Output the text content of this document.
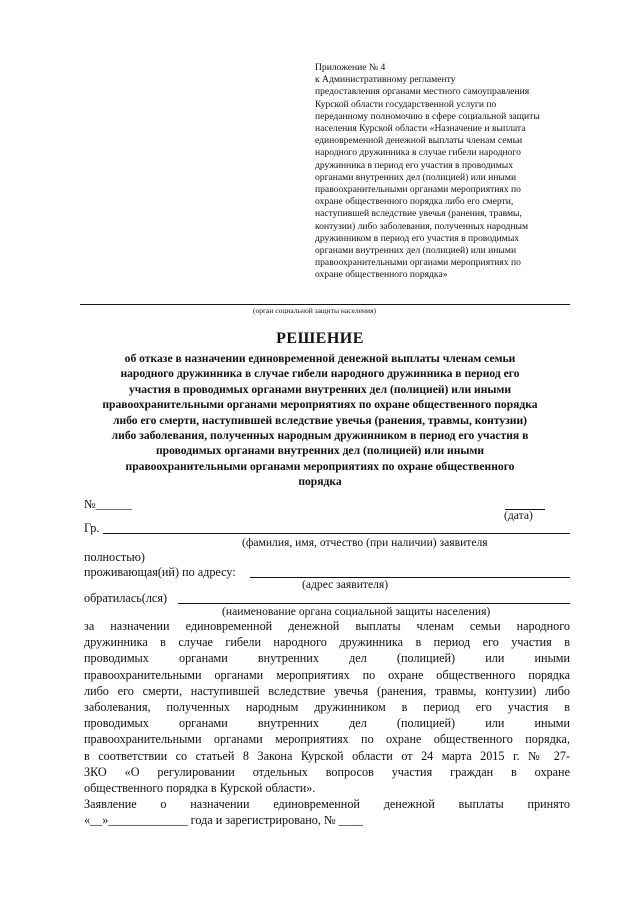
Приложение № 4
к Административному регламенту
предоставления органами местного самоуправления
Курской области государственной услуги по
переданному полномочию в сфере социальной защиты
населения Курской области «Назначение и выплата
единовременной денежной выплаты членам семьи
народного дружинника в случае гибели народного
дружинника в период его участия в проводимых
органами внутренних дел (полицией) или иными
правоохранительными органами мероприятиях по
охране общественного порядка либо его смерти,
наступившей вследствие увечья (ранения, травмы,
контузии) либо заболевания, полученных народным
дружинником в период его участия в проводимых
органами внутренних дел (полицией) или иными
правоохранительными органами мероприятиях по
охране общественного порядка»
(орган социальной защиты населения)
РЕШЕНИЕ
об отказе в назначении единовременной денежной выплаты членам семьи
народного дружинника в случае гибели народного дружинника в период его
участия в проводимых органами внутренних дел (полицией) или иными
правоохранительными органами мероприятиях по охране общественного порядка
либо его смерти, наступившей вследствие увечья (ранения, травмы, контузии)
либо заболевания, полученных народным дружинником в период его участия в
проводимых органами внутренних дел (полицией) или иными
правоохранительными органами мероприятиях по охране общественного
порядка
№______
(дата)
Гр.
(фамилия, имя, отчество (при наличии) заявителя
полностью)
проживающая(ий) по адресу:
(адрес заявителя)
обратилась(лся)
(наименование органа социальной защиты населения)
за назначении единовременной денежной выплаты членам семьи народного
дружинника в случае гибели народного дружинника в период его участия в
проводимых органами внутренних дел (полицией) или иными
правоохранительными органами мероприятиях по охране общественного порядка
либо его смерти, наступившей вследствие увечья (ранения, травмы, контузии) либо
заболевания, полученных народным дружинником в период его участия в
проводимых органами внутренних дел (полицией) или иными
правоохранительными органами мероприятиях по охране общественного порядка,
в соответствии со статьей 8 Закона Курской области от 24 марта 2015 г. № 27-
ЗКО «О регулировании отдельных вопросов участия граждан в охране
общественного порядка в Курской области».
Заявление о назначении единовременной денежной выплаты принято
«__»_____________ года и зарегистрировано, № ____
